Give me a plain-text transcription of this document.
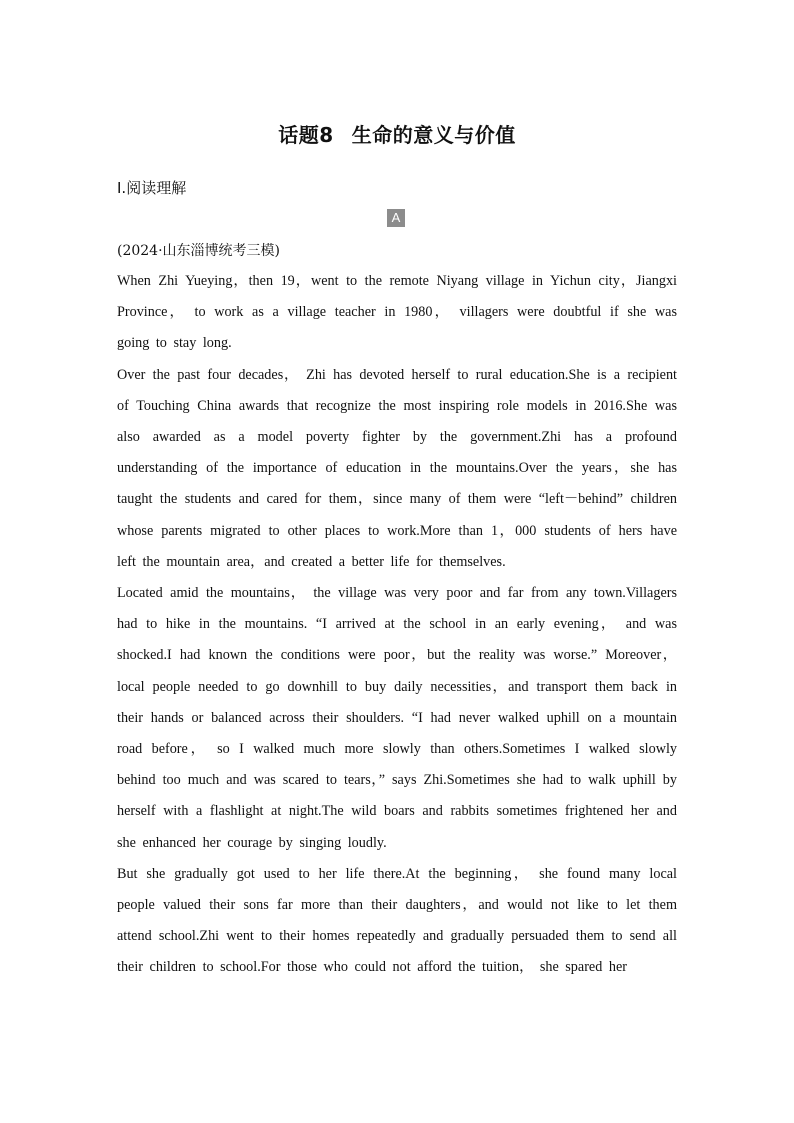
话题8 生命的意义与价值
Ⅰ.阅读理解
A
(2024·山东淄博统考三模)

When Zhi Yueying，then 19，went to the remote Niyang village in Yichun city，Jiangxi Province， to work as a village teacher in 1980， villagers were doubtful if she was going to stay long.

Over the past four decades， Zhi has devoted herself to rural education.She is a recipient of Touching China awards that recognize the most inspiring role models in 2016.She was also awarded as a model poverty fighter by the government.Zhi has a profound understanding of the importance of education in the mountains.Over the years，she has taught the students and cared for them，since many of them were “left－behind” children whose parents migrated to other places to work.More than 1，000 students of hers have left the mountain area，and created a better life for themselves.

Located amid the mountains， the village was very poor and far from any town.Villagers had to hike in the mountains. “I arrived at the school in an early evening， and was shocked.I had known the conditions were poor，but the reality was worse.” Moreover，local people needed to go downhill to buy daily necessities，and transport them back in their hands or balanced across their shoulders. “I had never walked uphill on a mountain road before， so I walked much more slowly than others.Sometimes I walked slowly behind too much and was scared to tears，” says Zhi.Sometimes she had to walk uphill by herself with a flashlight at night.The wild boars and rabbits sometimes frightened her and she enhanced her courage by singing loudly.

But she gradually got used to her life there.At the beginning， she found many local people valued their sons far more than their daughters，and would not like to let them attend school.Zhi went to their homes repeatedly and gradually persuaded them to send all their children to school.For those who could not afford the tuition， she spared her
